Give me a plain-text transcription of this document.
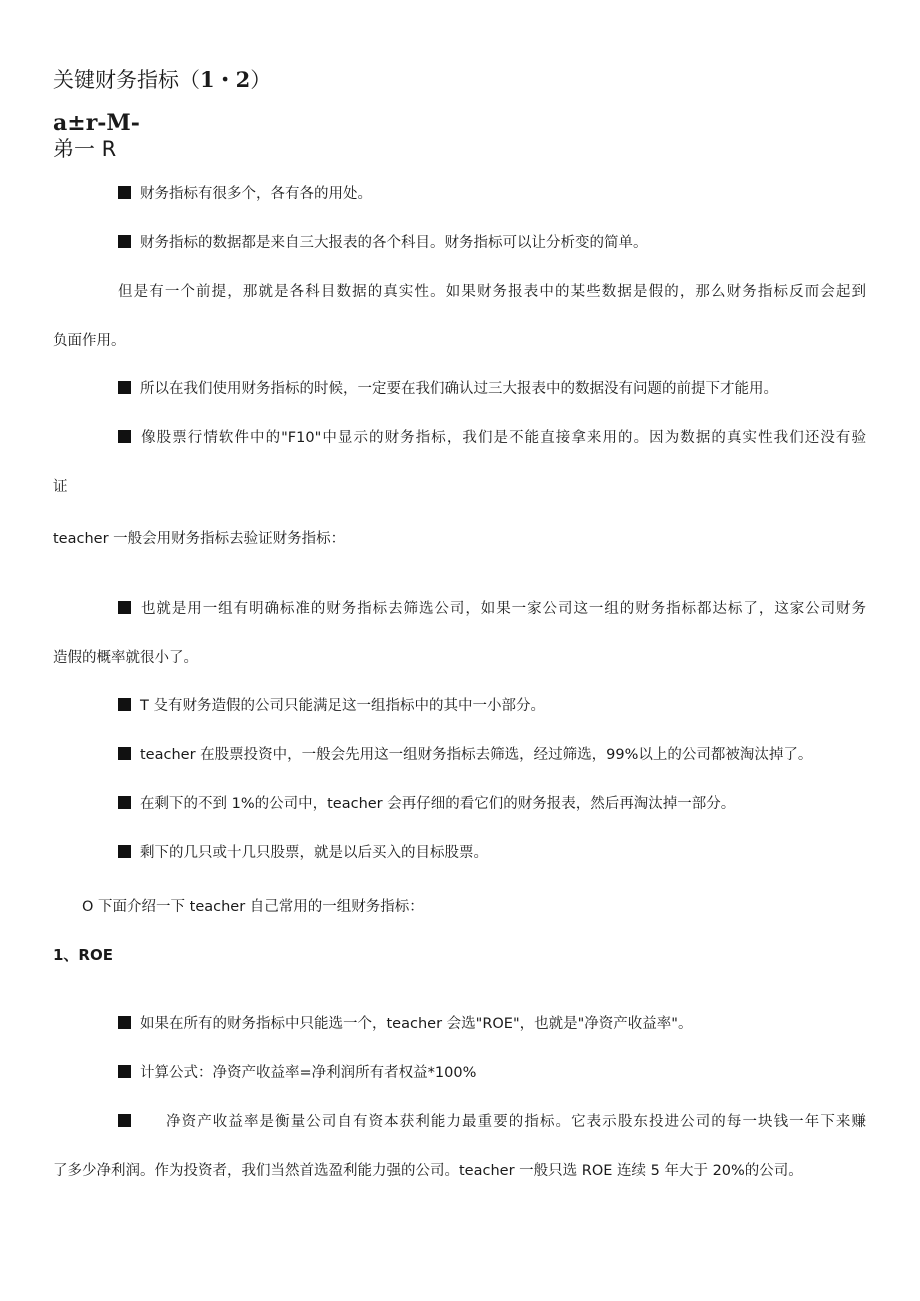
关键财务指标（1・2）
a±r-M-
弟一 R
财务指标有很多个，各有各的用处。
财务指标的数据都是来自三大报表的各个科目。财务指标可以让分析变的简单。
但是有一个前提，那就是各科目数据的真实性。如果财务报表中的某些数据是假的，那么财务指标反而会起到
负面作用。
所以在我们使用财务指标的时候，一定要在我们确认过三大报表中的数据没有问题的前提下才能用。
像股票行情软件中的"F10"中显示的财务指标，我们是不能直接拿来用的。因为数据的真实性我们还没有验
证
teacher 一般会用财务指标去验证财务指标：
也就是用一组有明确标准的财务指标去筛选公司，如果一家公司这一组的财务指标都达标了，这家公司财务
造假的概率就很小了。
T 殳有财务造假的公司只能满足这一组指标中的其中一小部分。
teacher 在股票投资中，一般会先用这一组财务指标去筛选，经过筛选，99%以上的公司都被淘汰掉了。
在剩下的不到 1%的公司中，teacher 会再仔细的看它们的财务报表，然后再淘汰掉一部分。
剩下的几只或十几只股票，就是以后买入的目标股票。
O 下面介绍一下 teacher 自己常用的一组财务指标：
1、ROE
如果在所有的财务指标中只能选一个，teacher 会选"ROE"，也就是"净资产收益率"。
计算公式：净资产收益率=净利润所有者权益*100%
净资产收益率是衡量公司自有资本获利能力最重要的指标。它表示股东投进公司的每一块钱一年下来赚
了多少净利润。作为投资者，我们当然首选盈利能力强的公司。teacher 一般只选 ROE 连续 5 年大于 20%的公司。
